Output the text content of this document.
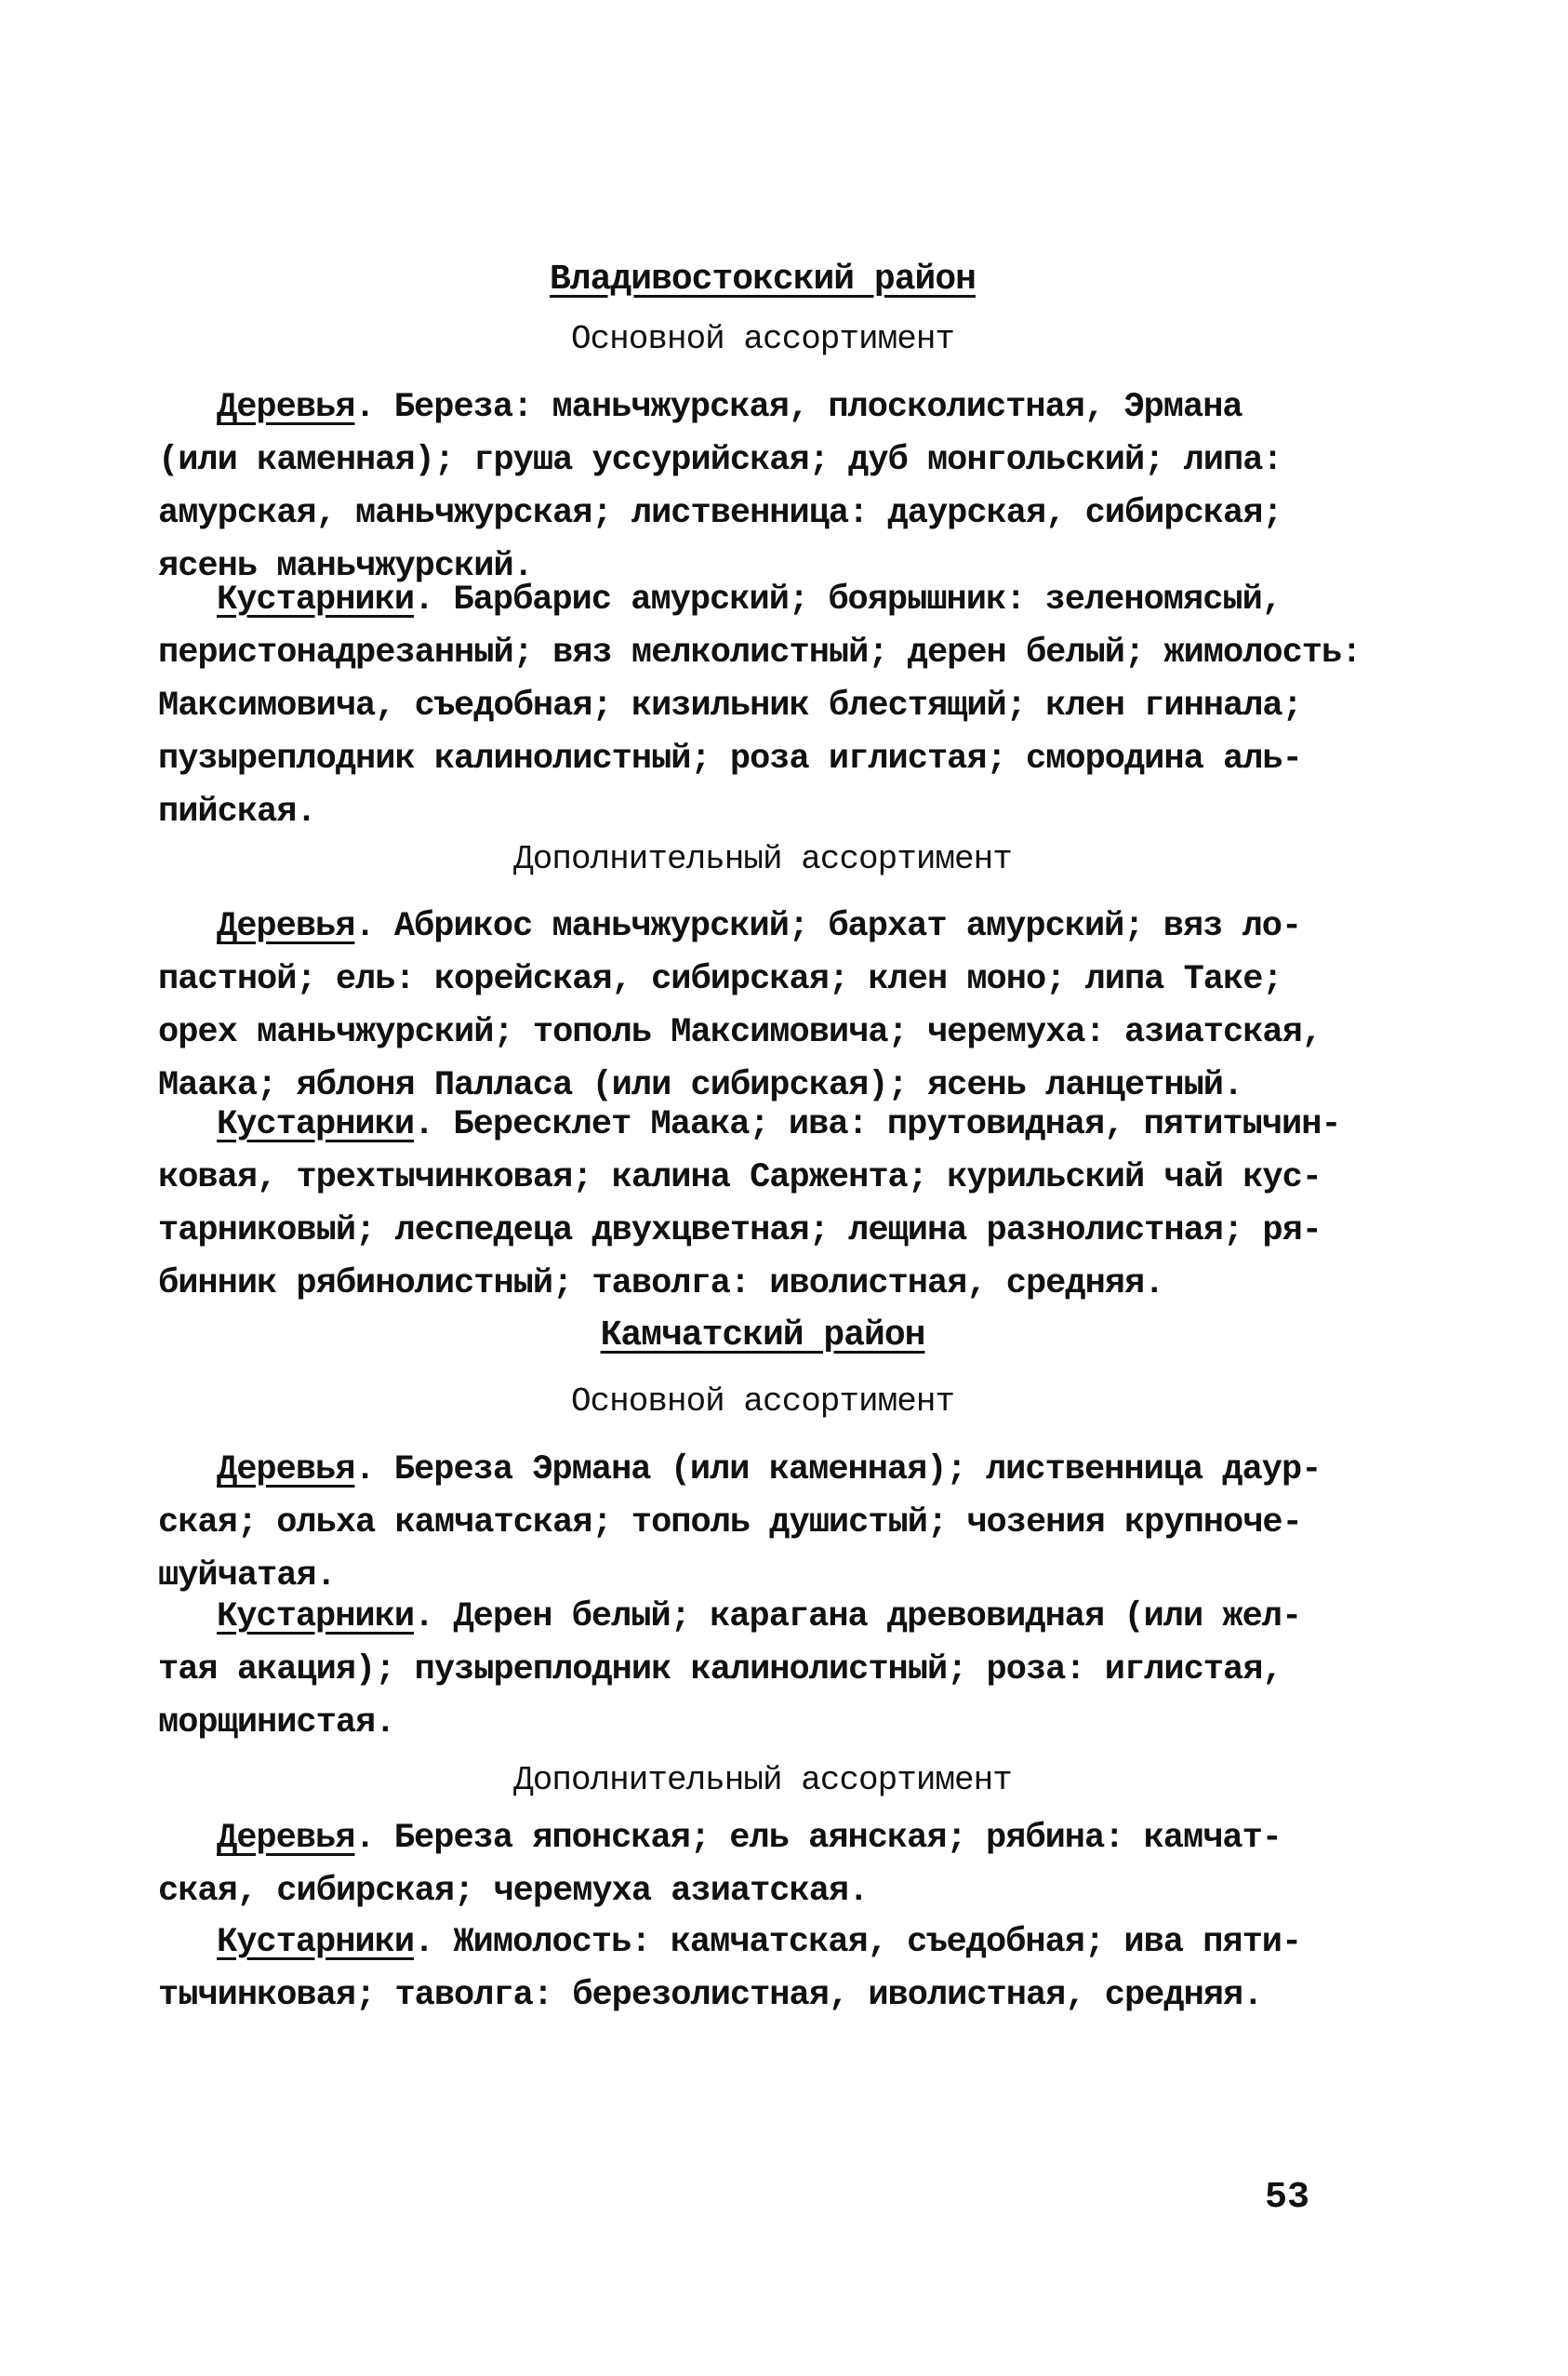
Владивостокский район
Основной ассортимент
Деревья. Береза: маньчжурская, плосколистная, Эрмана
(или каменная); груша уссурийская; дуб монгольский; липа:
амурская, маньчжурская; лиственница: даурская, сибирская;
ясень маньчжурский.
Кустарники. Барбарис амурский; боярышник: зеленомясый,
перистонадрезанный; вяз мелколистный; дерен белый; жимолость:
Максимовича, съедобная; кизильник блестящий; клен гиннала;
пузыреплодник калинолистный; роза иглистая; смородина аль-
пийская.
Дополнительный ассортимент
Деревья. Абрикос маньчжурский; бархат амурский; вяз ло-
пастной; ель: корейская, сибирская; клен моно; липа Таке;
орех маньчжурский; тополь Максимовича; черемуха: азиатская,
Маака; яблоня Палласа (или сибирская); ясень ланцетный.
Кустарники. Бересклет Маака; ива: прутовидная, пятитычин-
ковая, трехтычинковая; калина Саржента; курильский чай кус-
тарниковый; леспедеца двухцветная; лещина разнолистная; ря-
бинник рябинолистный; таволга: иволистная, средняя.
Камчатский район
Основной ассортимент
Деревья. Береза Эрмана (или каменная); лиственница даур-
ская; ольха камчатская; тополь душистый; чозения крупноче-
шуйчатая.
Кустарники. Дерен белый; карагана древовидная (или жел-
тая акация); пузыреплодник калинолистный; роза: иглистая,
морщинистая.
Дополнительный ассортимент
Деревья. Береза японская; ель аянская; рябина: камчат-
ская, сибирская; черемуха азиатская.
Кустарники. Жимолость: камчатская, съедобная; ива пяти-
тычинковая; таволга: березолистная, иволистная, средняя.
53
